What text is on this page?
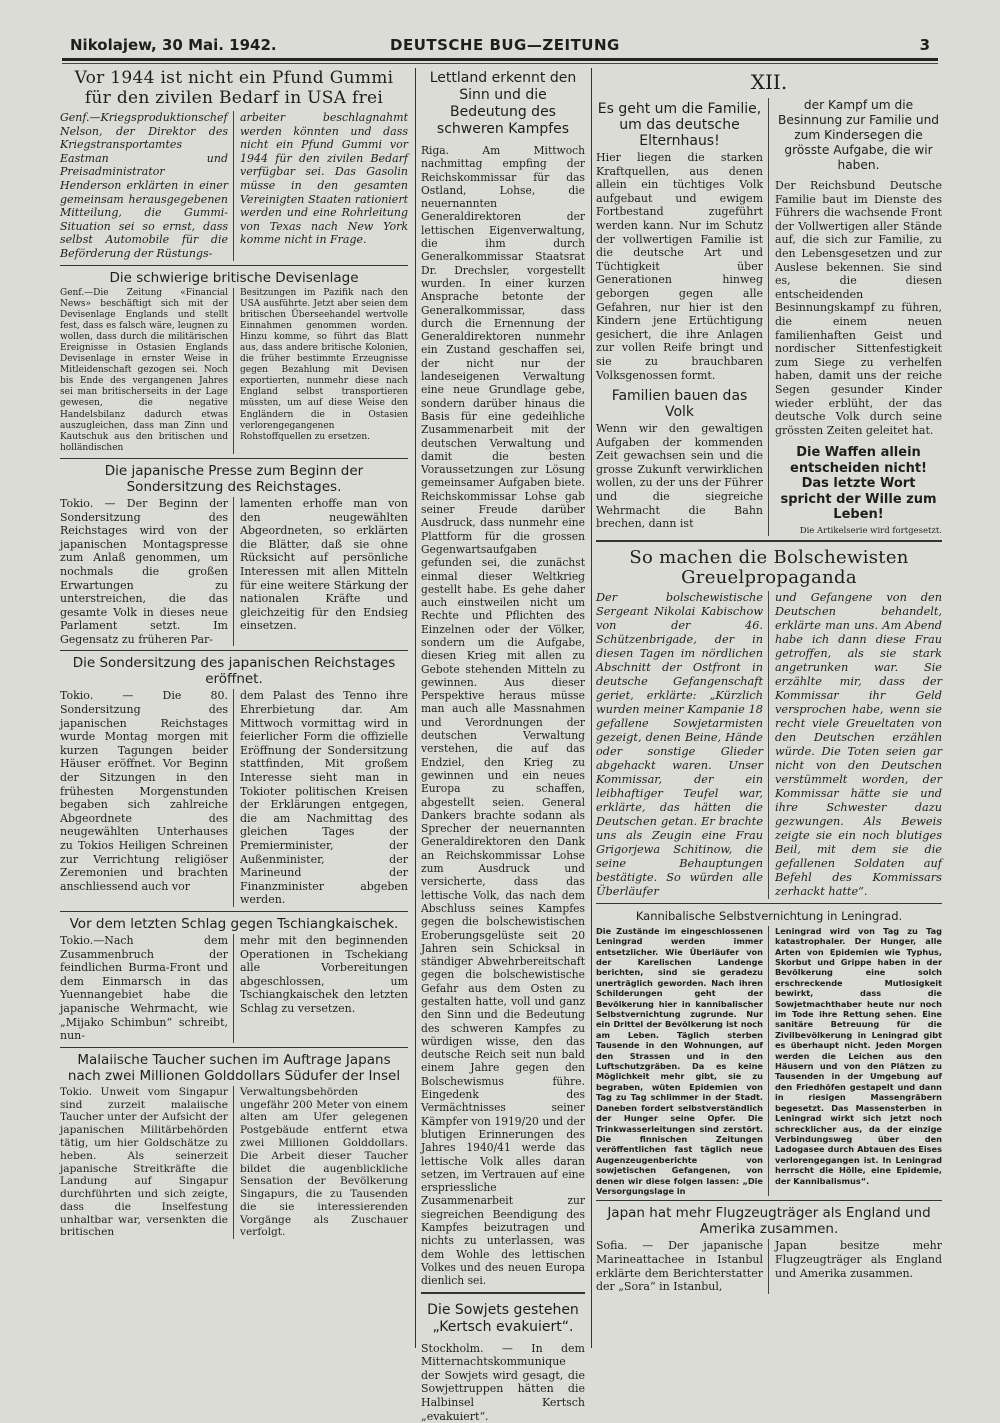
Nikolajew, 30 Mai. 1942.	DEUTSCHE BUG—ZEITUNG	3
Vor 1944 ist nicht ein Pfund Gummi für den zivilen Bedarf in USA frei

Genf.—Kriegsproduktionschef Nelson, der Direktor des Kriegstransportamtes Eastman und Preisadministrator Henderson erklärten in einer gemeinsam herausgegebenen Mitteilung, die Gummi-Situation sei so ernst, dass selbst Automobile für die Beförderung der Rüstungs-

arbeiter beschlagnahmt werden könnten und dass nicht ein Pfund Gummi vor 1944 für den zivilen Bedarf verfügbar sei. Das Gasolin müsse in den gesamten Vereinigten Staaten rationiert werden und eine Rohrleitung von Texas nach New York komme nicht in Frage.

Die schwierige britische Devisenlage

Genf.—Die Zeitung «Financial News» beschäftigt sich mit der Devisenlage Englands und stellt fest, dass es falsch wäre, leugnen zu wollen, dass durch die militärischen Ereignisse in Ostasien Englands Devisenlage in ernster Weise in Mitleidenschaft gezogen sei. Noch bis Ende des vergangenen Jahres sei man britischerseits in der Lage gewesen, die negative Handelsbilanz dadurch etwas auszugleichen, dass man Zinn und Kautschuk aus den britischen und holländischen

Besitzungen im Pazifik nach den USA ausführte. Jetzt aber seien dem britischen Überseehandel wertvolle Einnahmen genommen worden. Hinzu komme, so führt das Blatt aus, dass andere britische Kolonien, die früher bestimmte Erzeugnisse gegen Bezahlung mit Devisen exportierten, nunmehr diese nach England selbst transportieren müssten, um auf diese Weise den Engländern die in Ostasien verlorengegangenen Rohstoffquellen zu ersetzen.

Die japanische Presse zum Beginn der Sondersitzung des Reichstages.

Tokio. — Der Beginn der Sondersitzung des Reichstages wird von der japanischen Montagspresse zum Anlaß genommen, um nochmals die großen Erwartungen zu unterstreichen, die das gesamte Volk in dieses neue Parlament setzt. Im Gegensatz zu früheren Par-

lamenten erhoffe man von den neugewählten Abgeordneten, so erklärten die Blätter, daß sie ohne Rücksicht auf persönliche Interessen mit allen Mitteln für eine weitere Stärkung der nationalen Kräfte und gleichzeitig für den Endsieg einsetzen.

Die Sondersitzung des japanischen Reichstages eröffnet.

Tokio. — Die 80. Sondersitzung des japanischen Reichstages wurde Montag morgen mit kurzen Tagungen beider Häuser eröffnet. Vor Beginn der Sitzungen in den frühesten Morgenstunden begaben sich zahlreiche Abgeordnete des neugewählten Unterhauses zu Tokios Heiligen Schreinen zur Verrichtung religiöser Zeremonien und brachten anschliessend auch vor

dem Palast des Tenno ihre Ehrerbietung dar. Am Mittwoch vormittag wird in feierlicher Form die offizielle Eröffnung der Sondersitzung stattfinden, Mit großem Interesse sieht man in Tokioter politischen Kreisen der Erklärungen entgegen, die am Nachmittag des gleichen Tages der Premierminister, der Außenminister, der Marineund der Finanzminister abgeben werden.

Vor dem letzten Schlag gegen Tschiangkaischek.

Tokio.—Nach dem Zusammenbruch der feindlichen Burma-Front und dem Einmarsch in das Yuennangebiet habe die japanische Wehrmacht, wie „Mijako Schimbun“ schreibt, nun-

mehr mit den beginnenden Operationen in Tschekiang alle Vorbereitungen abgeschlossen, um Tschiangkaischek den letzten Schlag zu versetzen.

Malaiische Taucher suchen im Auftrage Japans nach zwei Millionen Golddollars Südufer der Insel

Tokio. Unweit vom Singapur sind zurzeit malaiische Taucher unter der Aufsicht der japanischen Militärbehörden tätig, um hier Goldschätze zu heben. Als seinerzeit japanische Streitkräfte die Landung auf Singapur durchführten und sich zeigte, dass die Inselfestung unhaltbar war, versenkten die britischen

Verwaltungsbehörden ungefähr 200 Meter von einem alten am Ufer gelegenen Postgebäude entfernt etwa zwei Millionen Golddollars. Die Arbeit dieser Taucher bildet die augenblickliche Sensation der Bevölkerung Singapurs, die zu Tausenden die sie interessierenden Vorgänge als Zuschauer verfolgt.

Lettland erkennt den Sinn und die Bedeutung des schweren Kampfes

Riga. Am Mittwoch nachmittag empfing der Reichskommissar für das Ostland, Lohse, die neuernannten Generaldirektoren der lettischen Eigenverwaltung, die ihm durch Generalkommissar Staatsrat Dr. Drechsler, vorgestellt wurden. In einer kurzen Ansprache betonte der Generalkommissar, dass durch die Ernennung der Generaldirektoren nunmehr ein Zustand geschaffen sei, der nicht nur der landeseigenen Verwaltung eine neue Grundlage gebe, sondern darüber hinaus die Basis für eine gedeihliche Zusammenarbeit mit der deutschen Verwaltung und damit die besten Voraussetzungen zur Lösung gemeinsamer Aufgaben biete. Reichskommissar Lohse gab seiner Freude darüber Ausdruck, dass nunmehr eine Plattform für die grossen Gegenwartsaufgaben gefunden sei, die zunächst einmal dieser Weltkrieg gestellt habe. Es gehe daher auch einstweilen nicht um Rechte und Pflichten des Einzelnen oder der Völker, sondern um die Aufgabe, diesen Krieg mit allen zu Gebote stehenden Mitteln zu gewinnen. Aus dieser Perspektive heraus müsse man auch alle Massnahmen und Verordnungen der deutschen Verwaltung verstehen, die auf das Endziel, den Krieg zu gewinnen und ein neues Europa zu schaffen, abgestellt seien. General Dankers brachte sodann als Sprecher der neuernannten Generaldirektoren den Dank an Reichskommissar Lohse zum Ausdruck und versicherte, dass das lettische Volk, das nach dem Abschluss seines Kampfes gegen die bolschewistischen Eroberungsgelüste seit 20 Jahren sein Schicksal in ständiger Abwehrbereitschaft gegen die bolschewistische Gefahr aus dem Osten zu gestalten hatte, voll und ganz den Sinn und die Bedeutung des schweren Kampfes zu würdigen wisse, den das deutsche Reich seit nun bald einem Jahre gegen den Bolschewismus führe. Eingedenk des Vermächtnisses seiner Kämpfer von 1919/20 und der blutigen Erinnerungen des Jahres 1940/41 werde das lettische Volk alles daran setzen, im Vertrauen auf eine erspriessliche Zusammenarbeit zur siegreichen Beendigung des Kampfes beizutragen und nichts zu unterlassen, was dem Wohle des lettischen Volkes und des neuen Europa dienlich sei.

Die Sowjets gestehen „Kertsch evakuiert“.

Stockholm. — In dem Mitternachtskommunique der Sowjets wird gesagt, die Sowjettruppen hätten die Halbinsel Kertsch „evakuiert“.

XII.
Es geht um die Familie, um das deutsche Elternhaus!

Hier liegen die starken Kraftquellen, aus denen allein ein tüchtiges Volk aufgebaut und ewigem Fortbestand zugeführt werden kann. Nur im Schutz der vollwertigen Familie ist die deutsche Art und Tüchtigkeit über Generationen hinweg geborgen gegen alle Gefahren, nur hier ist den Kindern jene Ertüchtigung gesichert, die ihre Anlagen zur vollen Reife bringt und sie zu brauchbaren Volksgenossen formt.

Familien bauen das Volk

Wenn wir den gewaltigen Aufgaben der kommenden Zeit gewachsen sein und die grosse Zukunft verwirklichen wollen, zu der uns der Führer und die siegreiche Wehrmacht die Bahn brechen, dann ist

der Kampf um die Besinnung zur Familie und zum Kindersegen die grösste Aufgabe, die wir haben.

Der Reichsbund Deutsche Familie baut im Dienste des Führers die wachsende Front der Vollwertigen aller Stände auf, die sich zur Familie, zu den Lebensgesetzen und zur Auslese bekennen. Sie sind es, die diesen entscheidenden Besinnungskampf zu führen, die einem neuen familienhaften Geist und nordischer Sittenfestigkeit zum Siege zu verhelfen haben, damit uns der reiche Segen gesunder Kinder wieder erblüht, der das deutsche Volk durch seine grössten Zeiten geleitet hat.

Die Waffen allein entscheiden nicht! Das letzte Wort spricht der Wille zum Leben!
Die Artikelserie wird fortgesetzt.
So machen die Bolschewisten Greuelpropaganda

Der bolschewistische Sergeant Nikolai Kabischow von der 46. Schützenbrigade, der in diesen Tagen im nördlichen Abschnitt der Ostfront in deutsche Gefangenschaft geriet, erklärte: „Kürzlich wurden meiner Kampanie 18 gefallene Sowjetarmisten gezeigt, denen Beine, Hände oder sonstige Glieder abgehackt waren. Unser Kommissar, der ein leibhaftiger Teufel war, erklärte, das hätten die Deutschen getan. Er brachte uns als Zeugin eine Frau Grigorjewa Schitinow, die seine Behauptungen bestätigte. So würden alle Überläufer

und Gefangene von den Deutschen behandelt, erklärte man uns. Am Abend habe ich dann diese Frau getroffen, als sie stark angetrunken war. Sie erzählte mir, dass der Kommissar ihr Geld versprochen habe, wenn sie recht viele Greueltaten von den Deutschen erzählen würde. Die Toten seien gar nicht von den Deutschen verstümmelt worden, der Kommissar hätte sie und ihre Schwester dazu gezwungen. Als Beweis zeigte sie ein noch blutiges Beil, mit dem sie die gefallenen Soldaten auf Befehl des Kommissars zerhackt hatte“.

Kannibalische Selbstvernichtung in Leningrad.

Die Zustände im eingeschlossenen Leningrad werden immer entsetzlicher. Wie Überläufer von der Karelischen Landenge berichten, sind sie geradezu unerträglich geworden. Nach ihren Schilderungen geht der Bevölkerung hier in kannibalischer Selbstvernichtung zugrunde. Nur ein Drittel der Bevölkerung ist noch am Leben. Täglich sterben Tausende in den Wohnungen, auf den Strassen und in den Luftschutzgräben. Da es keine Möglichkeit mehr gibt, sie zu begraben, wüten Epidemien von Tag zu Tag schlimmer in der Stadt. Daneben fordert selbstverständlich der Hunger seine Opfer. Die Trinkwasserleitungen sind zerstört. Die finnischen Zeitungen veröffentlichen fast täglich neue Augenzeugenberichte von sowjetischen Gefangenen, von denen wir diese folgen lassen: „Die Versorgungslage in

Leningrad wird von Tag zu Tag katastrophaler. Der Hunger, alle Arten von Epidemien wie Typhus, Skorbut und Grippe haben in der Bevölkerung eine solch erschreckende Mutlosigkeit bewirkt, dass die Sowjetmachthaber heute nur noch im Tode ihre Rettung sehen. Eine sanitäre Betreuung für die Zivilbevölkerung in Leningrad gibt es überhaupt nicht. Jeden Morgen werden die Leichen aus den Häusern und von den Plätzen zu Tausenden in der Umgebung auf den Friedhöfen gestapelt und dann in riesigen Massengräbern begesetzt. Das Massensterben in Leningrad wirkt sich jetzt noch schrecklicher aus, da der einzige Verbindungsweg über den Ladogasee durch Abtauen des Eises verlorengegangen ist. In Leningrad herrscht die Hölle, eine Epidemie, der Kannibalismus“.

Japan hat mehr Flugzeugträger als England und Amerika zusammen.

Sofia. — Der japanische Marineattachee in Istanbul erklärte dem Berichterstatter der „Sora“ in Istanbul,

Japan besitze mehr Flugzeugträger als England und Amerika zusammen.
